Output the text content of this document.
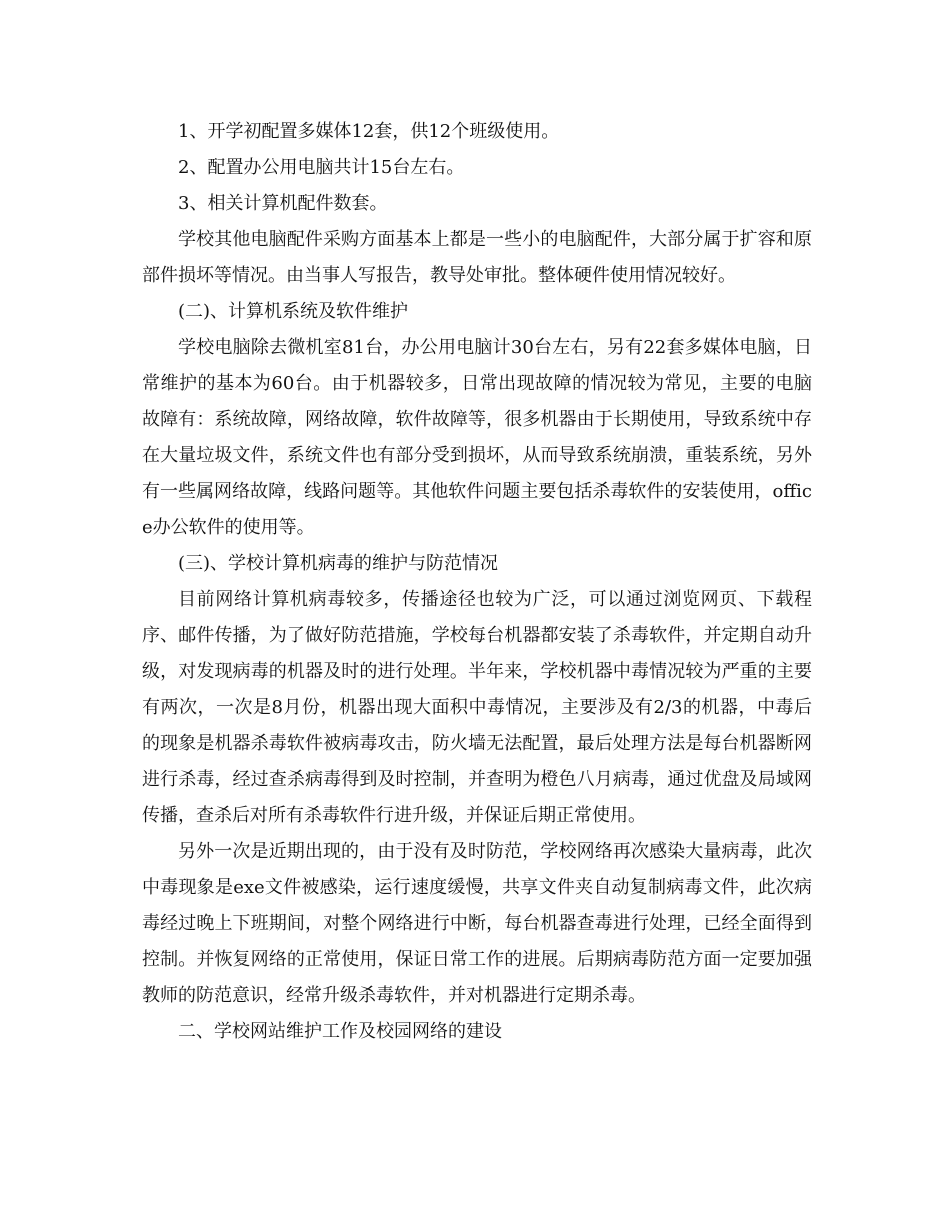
1、开学初配置多媒体12套，供12个班级使用。

2、配置办公用电脑共计15台左右。

3、相关计算机配件数套。

学校其他电脑配件采购方面基本上都是一些小的电脑配件，大部分属于扩容和原部件损坏等情况。由当事人写报告，教导处审批。整体硬件使用情况较好。

(二)、计算机系统及软件维护

学校电脑除去微机室81台，办公用电脑计30台左右，另有22套多媒体电脑，日常维护的基本为60台。由于机器较多，日常出现故障的情况较为常见，主要的电脑故障有：系统故障，网络故障，软件故障等，很多机器由于长期使用，导致系统中存在大量垃圾文件，系统文件也有部分受到损坏，从而导致系统崩溃，重装系统，另外有一些属网络故障，线路问题等。其他软件问题主要包括杀毒软件的安装使用，office办公软件的使用等。

(三)、学校计算机病毒的维护与防范情况

目前网络计算机病毒较多，传播途径也较为广泛，可以通过浏览网页、下载程序、邮件传播，为了做好防范措施，学校每台机器都安装了杀毒软件，并定期自动升级，对发现病毒的机器及时的进行处理。半年来，学校机器中毒情况较为严重的主要有两次，一次是8月份，机器出现大面积中毒情况，主要涉及有2/3的机器，中毒后的现象是机器杀毒软件被病毒攻击，防火墙无法配置，最后处理方法是每台机器断网进行杀毒，经过查杀病毒得到及时控制，并查明为橙色八月病毒，通过优盘及局域网传播，查杀后对所有杀毒软件行进升级，并保证后期正常使用。

另外一次是近期出现的，由于没有及时防范，学校网络再次感染大量病毒，此次中毒现象是exe文件被感染，运行速度缓慢，共享文件夹自动复制病毒文件，此次病毒经过晚上下班期间，对整个网络进行中断，每台机器查毒进行处理，已经全面得到控制。并恢复网络的正常使用，保证日常工作的进展。后期病毒防范方面一定要加强教师的防范意识，经常升级杀毒软件，并对机器进行定期杀毒。

二、学校网站维护工作及校园网络的建设
